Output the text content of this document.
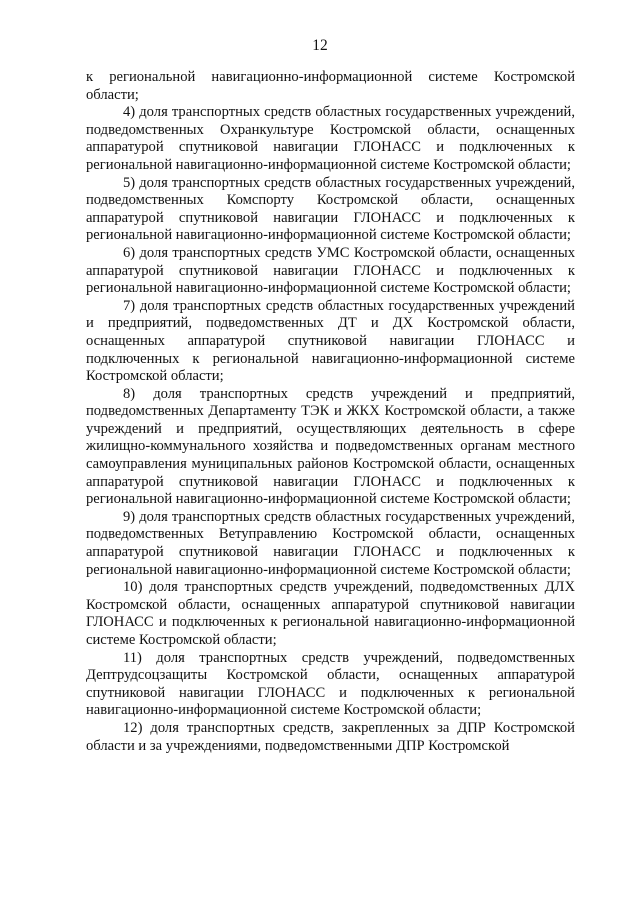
12

к региональной навигационно-информационной системе Костромской области;

4) доля транспортных средств областных государственных учреждений, подведомственных Охранкультуре Костромской области, оснащенных аппаратурой спутниковой навигации ГЛОНАСС и подключенных к региональной навигационно-информационной системе Костромской области;

5) доля транспортных средств областных государственных учреждений, подведомственных Комспорту Костромской области, оснащенных аппаратурой спутниковой навигации ГЛОНАСС и подключенных к региональной навигационно-информационной системе Костромской области;

6) доля транспортных средств УМС Костромской области, оснащенных аппаратурой спутниковой навигации ГЛОНАСС и подключенных к региональной навигационно-информационной системе Костромской области;

7) доля транспортных средств областных государственных учреждений и предприятий, подведомственных ДТ и ДХ Костромской области, оснащенных аппаратурой спутниковой навигации ГЛОНАСС и подключенных к региональной навигационно-информационной системе Костромской области;

8) доля транспортных средств учреждений и предприятий, подведомственных Департаменту ТЭК и ЖКХ Костромской области, а также учреждений и предприятий, осуществляющих деятельность в сфере жилищно-коммунального хозяйства и подведомственных органам местного самоуправления муниципальных районов Костромской области, оснащенных аппаратурой спутниковой навигации ГЛОНАСС и подключенных к региональной навигационно-информационной системе Костромской области;

9) доля транспортных средств областных государственных учреждений, подведомственных Ветуправлению Костромской области, оснащенных аппаратурой спутниковой навигации ГЛОНАСС и подключенных к региональной навигационно-информационной системе Костромской области;

10) доля транспортных средств учреждений, подведомственных ДЛХ Костромской области, оснащенных аппаратурой спутниковой навигации ГЛОНАСС и подключенных к региональной навигационно-информационной системе Костромской области;

11) доля транспортных средств учреждений, подведомственных Дептрудсоцзащиты Костромской области, оснащенных аппаратурой спутниковой навигации ГЛОНАСС и подключенных к региональной навигационно-информационной системе Костромской области;

12) доля транспортных средств, закрепленных за ДПР Костромской области и за учреждениями, подведомственными ДПР Костромской
